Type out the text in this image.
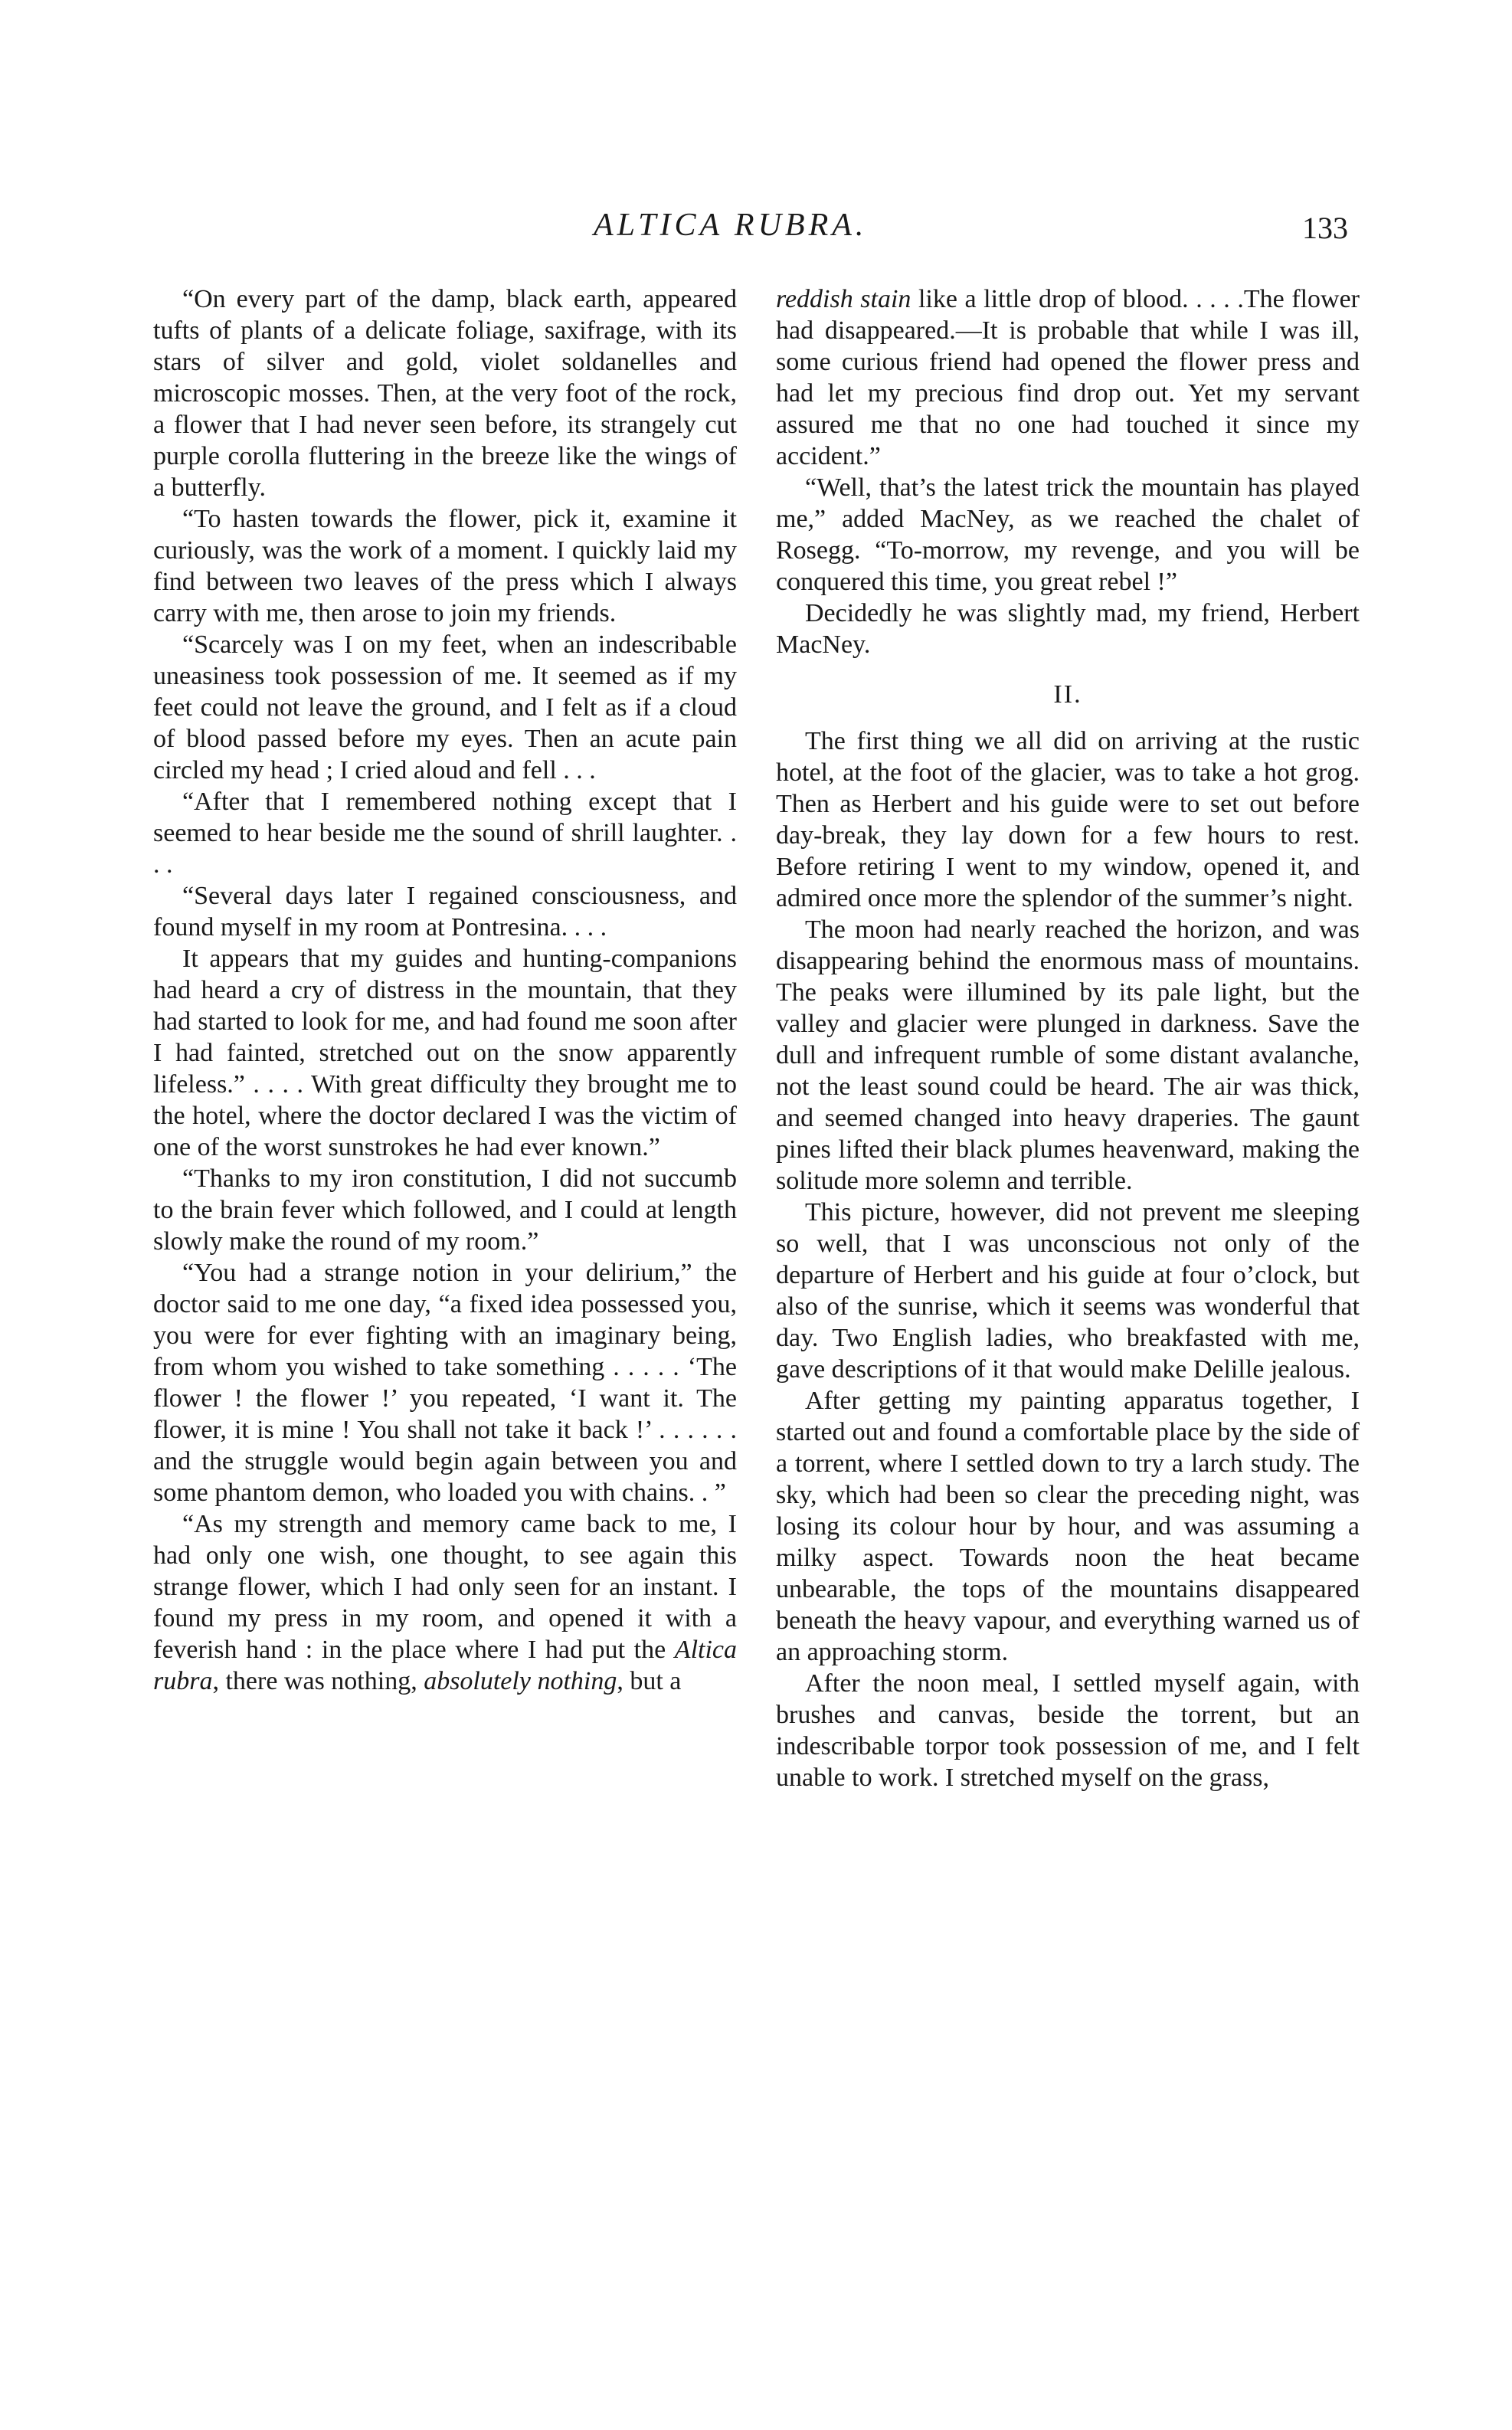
ALTICA RUBRA.	133

“On every part of the damp, black earth, appeared tufts of plants of a delicate foliage, saxifrage, with its stars of silver and gold, violet soldanelles and microscopic mosses. Then, at the very foot of the rock, a flower that I had never seen before, its strangely cut purple corolla fluttering in the breeze like the wings of a butterfly.

“To hasten towards the flower, pick it, examine it curiously, was the work of a moment. I quickly laid my find between two leaves of the press which I always carry with me, then arose to join my friends.

“Scarcely was I on my feet, when an indescribable uneasiness took possession of me. It seemed as if my feet could not leave the ground, and I felt as if a cloud of blood passed before my eyes. Then an acute pain circled my head ; I cried aloud and fell . . .

“After that I remembered nothing except that I seemed to hear beside me the sound of shrill laughter. . . .

“Several days later I regained consciousness, and found myself in my room at Pontresina. . . .

It appears that my guides and hunting-companions had heard a cry of distress in the mountain, that they had started to look for me, and had found me soon after I had fainted, stretched out on the snow apparently lifeless.” . . . . With great difficulty they brought me to the hotel, where the doctor declared I was the victim of one of the worst sunstrokes he had ever known.”

“Thanks to my iron constitution, I did not succumb to the brain fever which followed, and I could at length slowly make the round of my room.”

“You had a strange notion in your delirium,” the doctor said to me one day, “a fixed idea possessed you, you were for ever fighting with an imaginary being, from whom you wished to take something . . . . . ‘The flower ! the flower !’ you repeated, ‘I want it. The flower, it is mine ! You shall not take it back !’ . . . . . . and the struggle would begin again between you and some phantom demon, who loaded you with chains. . ”

“As my strength and memory came back to me, I had only one wish, one thought, to see again this strange flower, which I had only seen for an instant. I found my press in my room, and opened it with a feverish hand : in the place where I had put the Altica rubra, there was nothing, absolutely nothing, but a

reddish stain like a little drop of blood. . . . .The flower had disappeared.—It is probable that while I was ill, some curious friend had opened the flower press and had let my precious find drop out. Yet my servant assured me that no one had touched it since my accident.”

“Well, that’s the latest trick the mountain has played me,” added MacNey, as we reached the chalet of Rosegg. “To-morrow, my revenge, and you will be conquered this time, you great rebel !”

Decidedly he was slightly mad, my friend, Herbert MacNey.

II.

The first thing we all did on arriving at the rustic hotel, at the foot of the glacier, was to take a hot grog. Then as Herbert and his guide were to set out before day-break, they lay down for a few hours to rest. Before retiring I went to my window, opened it, and admired once more the splendor of the summer’s night.

The moon had nearly reached the horizon, and was disappearing behind the enormous mass of mountains. The peaks were illumined by its pale light, but the valley and glacier were plunged in darkness. Save the dull and infrequent rumble of some distant avalanche, not the least sound could be heard. The air was thick, and seemed changed into heavy draperies. The gaunt pines lifted their black plumes heavenward, making the solitude more solemn and terrible.

This picture, however, did not prevent me sleeping so well, that I was unconscious not only of the departure of Herbert and his guide at four o’clock, but also of the sunrise, which it seems was wonderful that day. Two English ladies, who breakfasted with me, gave descriptions of it that would make Delille jealous.

After getting my painting apparatus together, I started out and found a comfortable place by the side of a torrent, where I settled down to try a larch study. The sky, which had been so clear the preceding night, was losing its colour hour by hour, and was assuming a milky aspect. Towards noon the heat became unbearable, the tops of the mountains disappeared beneath the heavy vapour, and everything warned us of an approaching storm.

After the noon meal, I settled myself again, with brushes and canvas, beside the torrent, but an indescribable torpor took possession of me, and I felt unable to work. I stretched myself on the grass,
